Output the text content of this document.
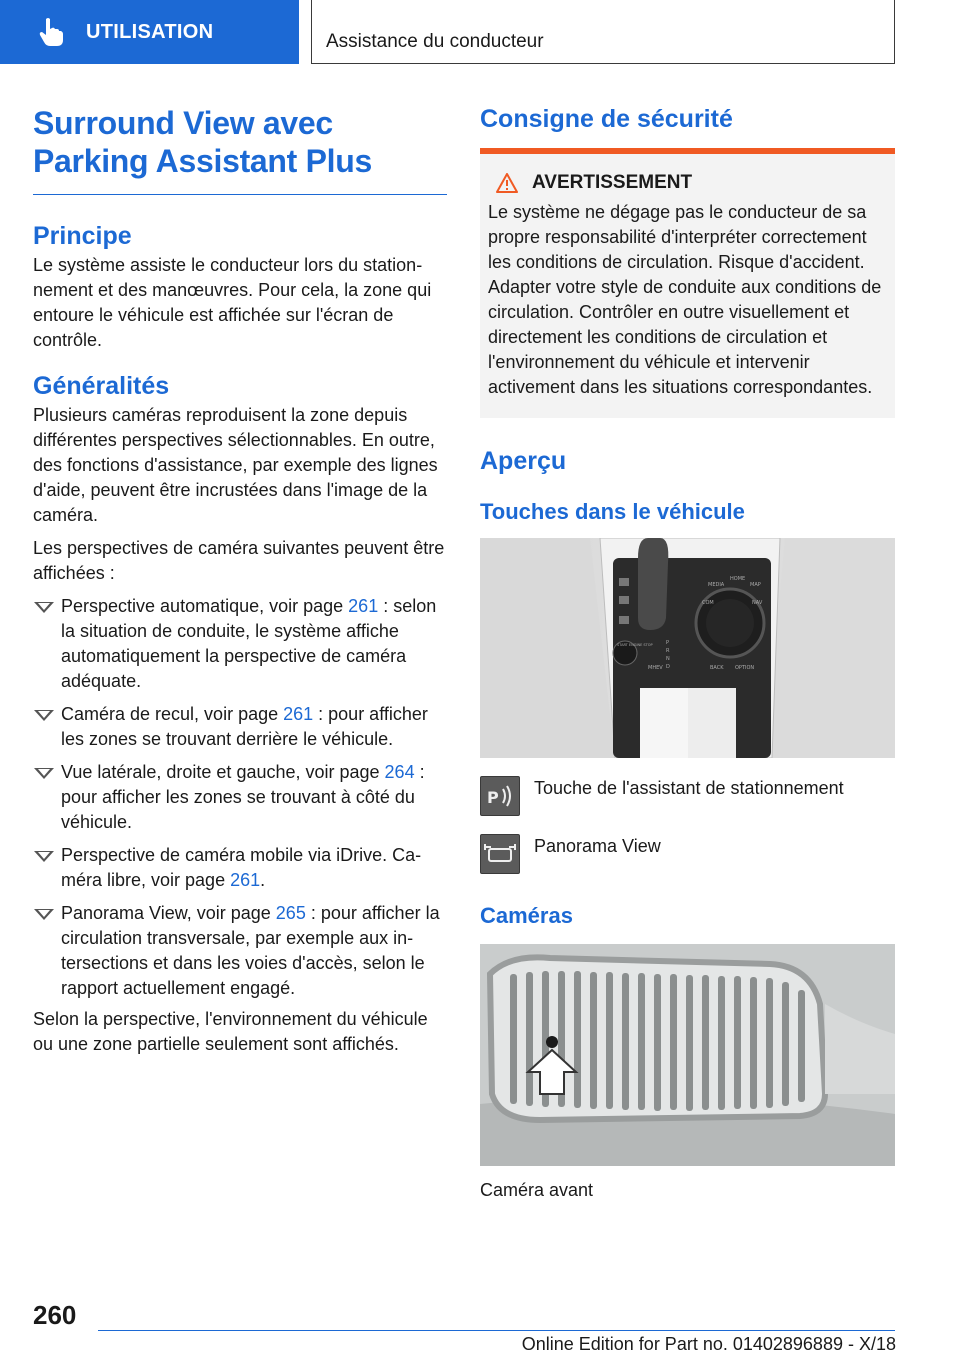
UTILISATION	Assistance du conducteur
Surround View avec Parking Assistant Plus
Principe

Le système assiste le conducteur lors du stationnement et des manœuvres. Pour cela, la zone qui entoure le véhicule est affichée sur l'écran de contrôle.

Généralités

Plusieurs caméras reproduisent la zone depuis différentes perspectives sélectionnables. En outre, des fonctions d'assistance, par exemple des lignes d'aide, peuvent être incrustées dans l'image de la caméra.

Les perspectives de caméra suivantes peuvent être affichées :

Perspective automatique, voir page 261 : selon la situation de conduite, le système affiche automatiquement la perspective de caméra adéquate.
Caméra de recul, voir page 261 : pour afficher les zones se trouvant derrière le véhicule.
Vue latérale, droite et gauche, voir page 264 : pour afficher les zones se trouvant à côté du véhicule.
Perspective de caméra mobile via iDrive. Caméra libre, voir page 261.
Panorama View, voir page 265 : pour afficher la circulation transversale, par exemple aux intersections et dans les voies d'accès, selon le rapport actuellement engagé.

Selon la perspective, l'environnement du véhicule ou une zone partielle seulement sont affichés.

Consigne de sécurité
AVERTISSEMENT

Le système ne dégage pas le conducteur de sa propre responsabilité d'interpréter correctement les conditions de circulation. Risque d'accident. Adapter votre style de conduite aux conditions de circulation. Contrôler en outre visuellement et directement les conditions de circulation et l'environnement du véhicule et intervenir activement dans les situations correspondantes.

Aperçu
Touches dans le véhicule
MEDIA
HOME
MAP
COM	NAV
BACK OPTION
START ENGINE STOP
MHEV
P
R
N
D
P Touche de l'assistant de stationnement
Panorama View
Caméras

Caméra avant

260
Online Edition for Part no. 01402896889 - X/18
